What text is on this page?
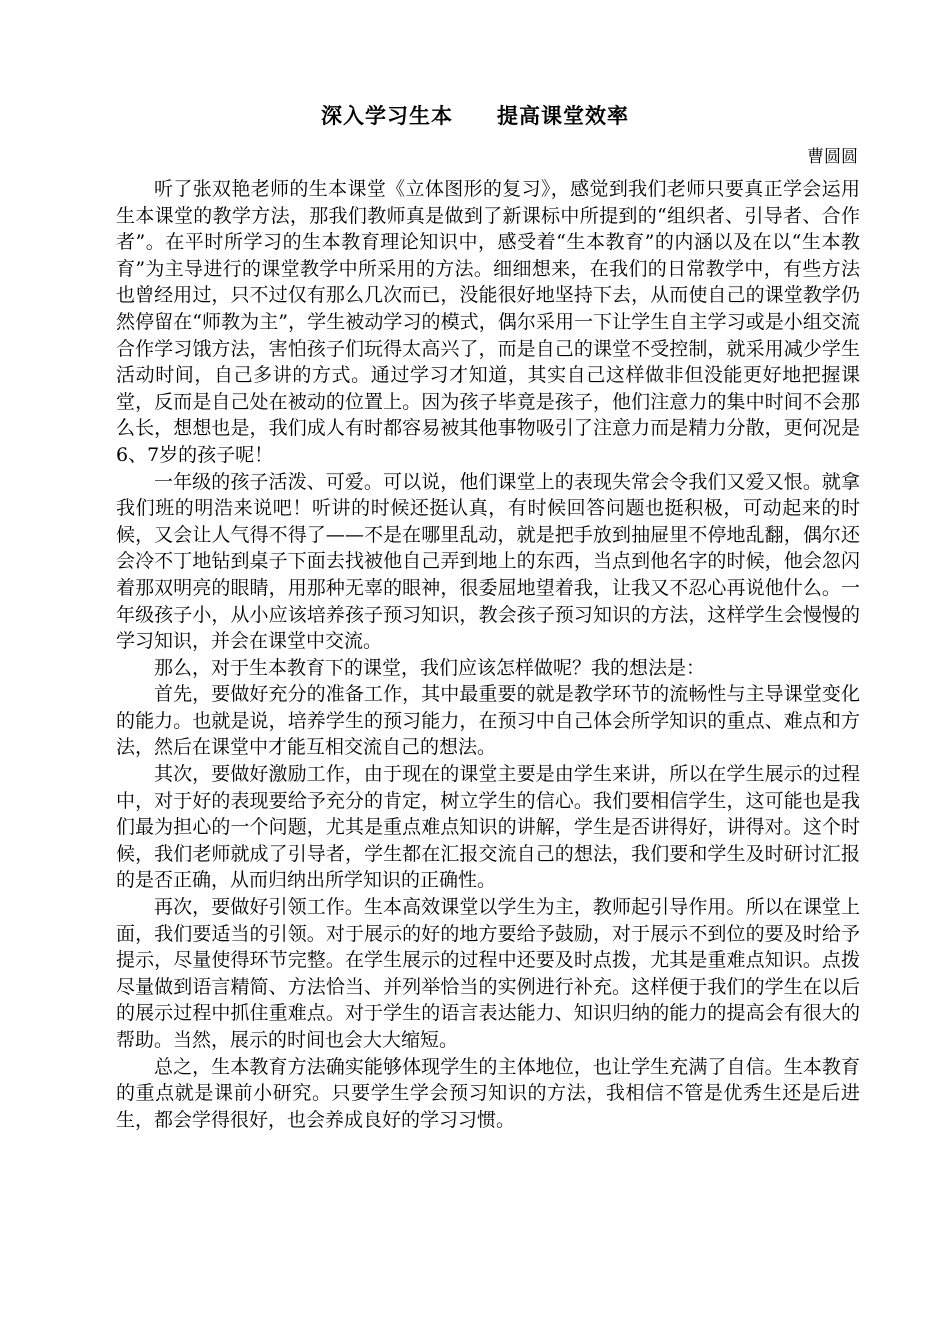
深入学习生本　　提高课堂效率
曹圆圆

听了张双艳老师的生本课堂《立体图形的复习》，感觉到我们老师只要真正学会运用生本课堂的教学方法，那我们教师真是做到了新课标中所提到的“组织者、引导者、合作者”。在平时所学习的生本教育理论知识中，感受着“生本教育”的内涵以及在以“生本教育”为主导进行的课堂教学中所采用的方法。细细想来，在我们的日常教学中，有些方法也曾经用过，只不过仅有那么几次而已，没能很好地坚持下去，从而使自己的课堂教学仍然停留在“师教为主”，学生被动学习的模式，偶尔采用一下让学生自主学习或是小组交流合作学习饿方法，害怕孩子们玩得太高兴了，而是自己的课堂不受控制，就采用减少学生活动时间，自己多讲的方式。通过学习才知道，其实自己这样做非但没能更好地把握课堂，反而是自己处在被动的位置上。因为孩子毕竟是孩子，他们注意力的集中时间不会那么长，想想也是，我们成人有时都容易被其他事物吸引了注意力而是精力分散，更何况是6、7岁的孩子呢！

一年级的孩子活泼、可爱。可以说，他们课堂上的表现失常会令我们又爱又恨。就拿我们班的明浩来说吧！听讲的时候还挺认真，有时候回答问题也挺积极，可动起来的时候，又会让人气得不得了——不是在哪里乱动，就是把手放到抽屉里不停地乱翻，偶尔还会冷不丁地钻到桌子下面去找被他自己弄到地上的东西，当点到他名字的时候，他会忽闪着那双明亮的眼睛，用那种无辜的眼神，很委屈地望着我，让我又不忍心再说他什么。一年级孩子小，从小应该培养孩子预习知识，教会孩子预习知识的方法，这样学生会慢慢的学习知识，并会在课堂中交流。

那么，对于生本教育下的课堂，我们应该怎样做呢？我的想法是：

首先，要做好充分的准备工作，其中最重要的就是教学环节的流畅性与主导课堂变化的能力。也就是说，培养学生的预习能力，在预习中自己体会所学知识的重点、难点和方法，然后在课堂中才能互相交流自己的想法。

其次，要做好激励工作，由于现在的课堂主要是由学生来讲，所以在学生展示的过程中，对于好的表现要给予充分的肯定，树立学生的信心。我们要相信学生，这可能也是我们最为担心的一个问题，尤其是重点难点知识的讲解，学生是否讲得好，讲得对。这个时候，我们老师就成了引导者，学生都在汇报交流自己的想法，我们要和学生及时研讨汇报的是否正确，从而归纳出所学知识的正确性。

再次，要做好引领工作。生本高效课堂以学生为主，教师起引导作用。所以在课堂上面，我们要适当的引领。对于展示的好的地方要给予鼓励，对于展示不到位的要及时给予提示，尽量使得环节完整。在学生展示的过程中还要及时点拨，尤其是重难点知识。点拨尽量做到语言精简、方法恰当、并列举恰当的实例进行补充。这样便于我们的学生在以后的展示过程中抓住重难点。对于学生的语言表达能力、知识归纳的能力的提高会有很大的帮助。当然，展示的时间也会大大缩短。

总之，生本教育方法确实能够体现学生的主体地位，也让学生充满了自信。生本教育的重点就是课前小研究。只要学生学会预习知识的方法，我相信不管是优秀生还是后进生，都会学得很好，也会养成良好的学习习惯。
